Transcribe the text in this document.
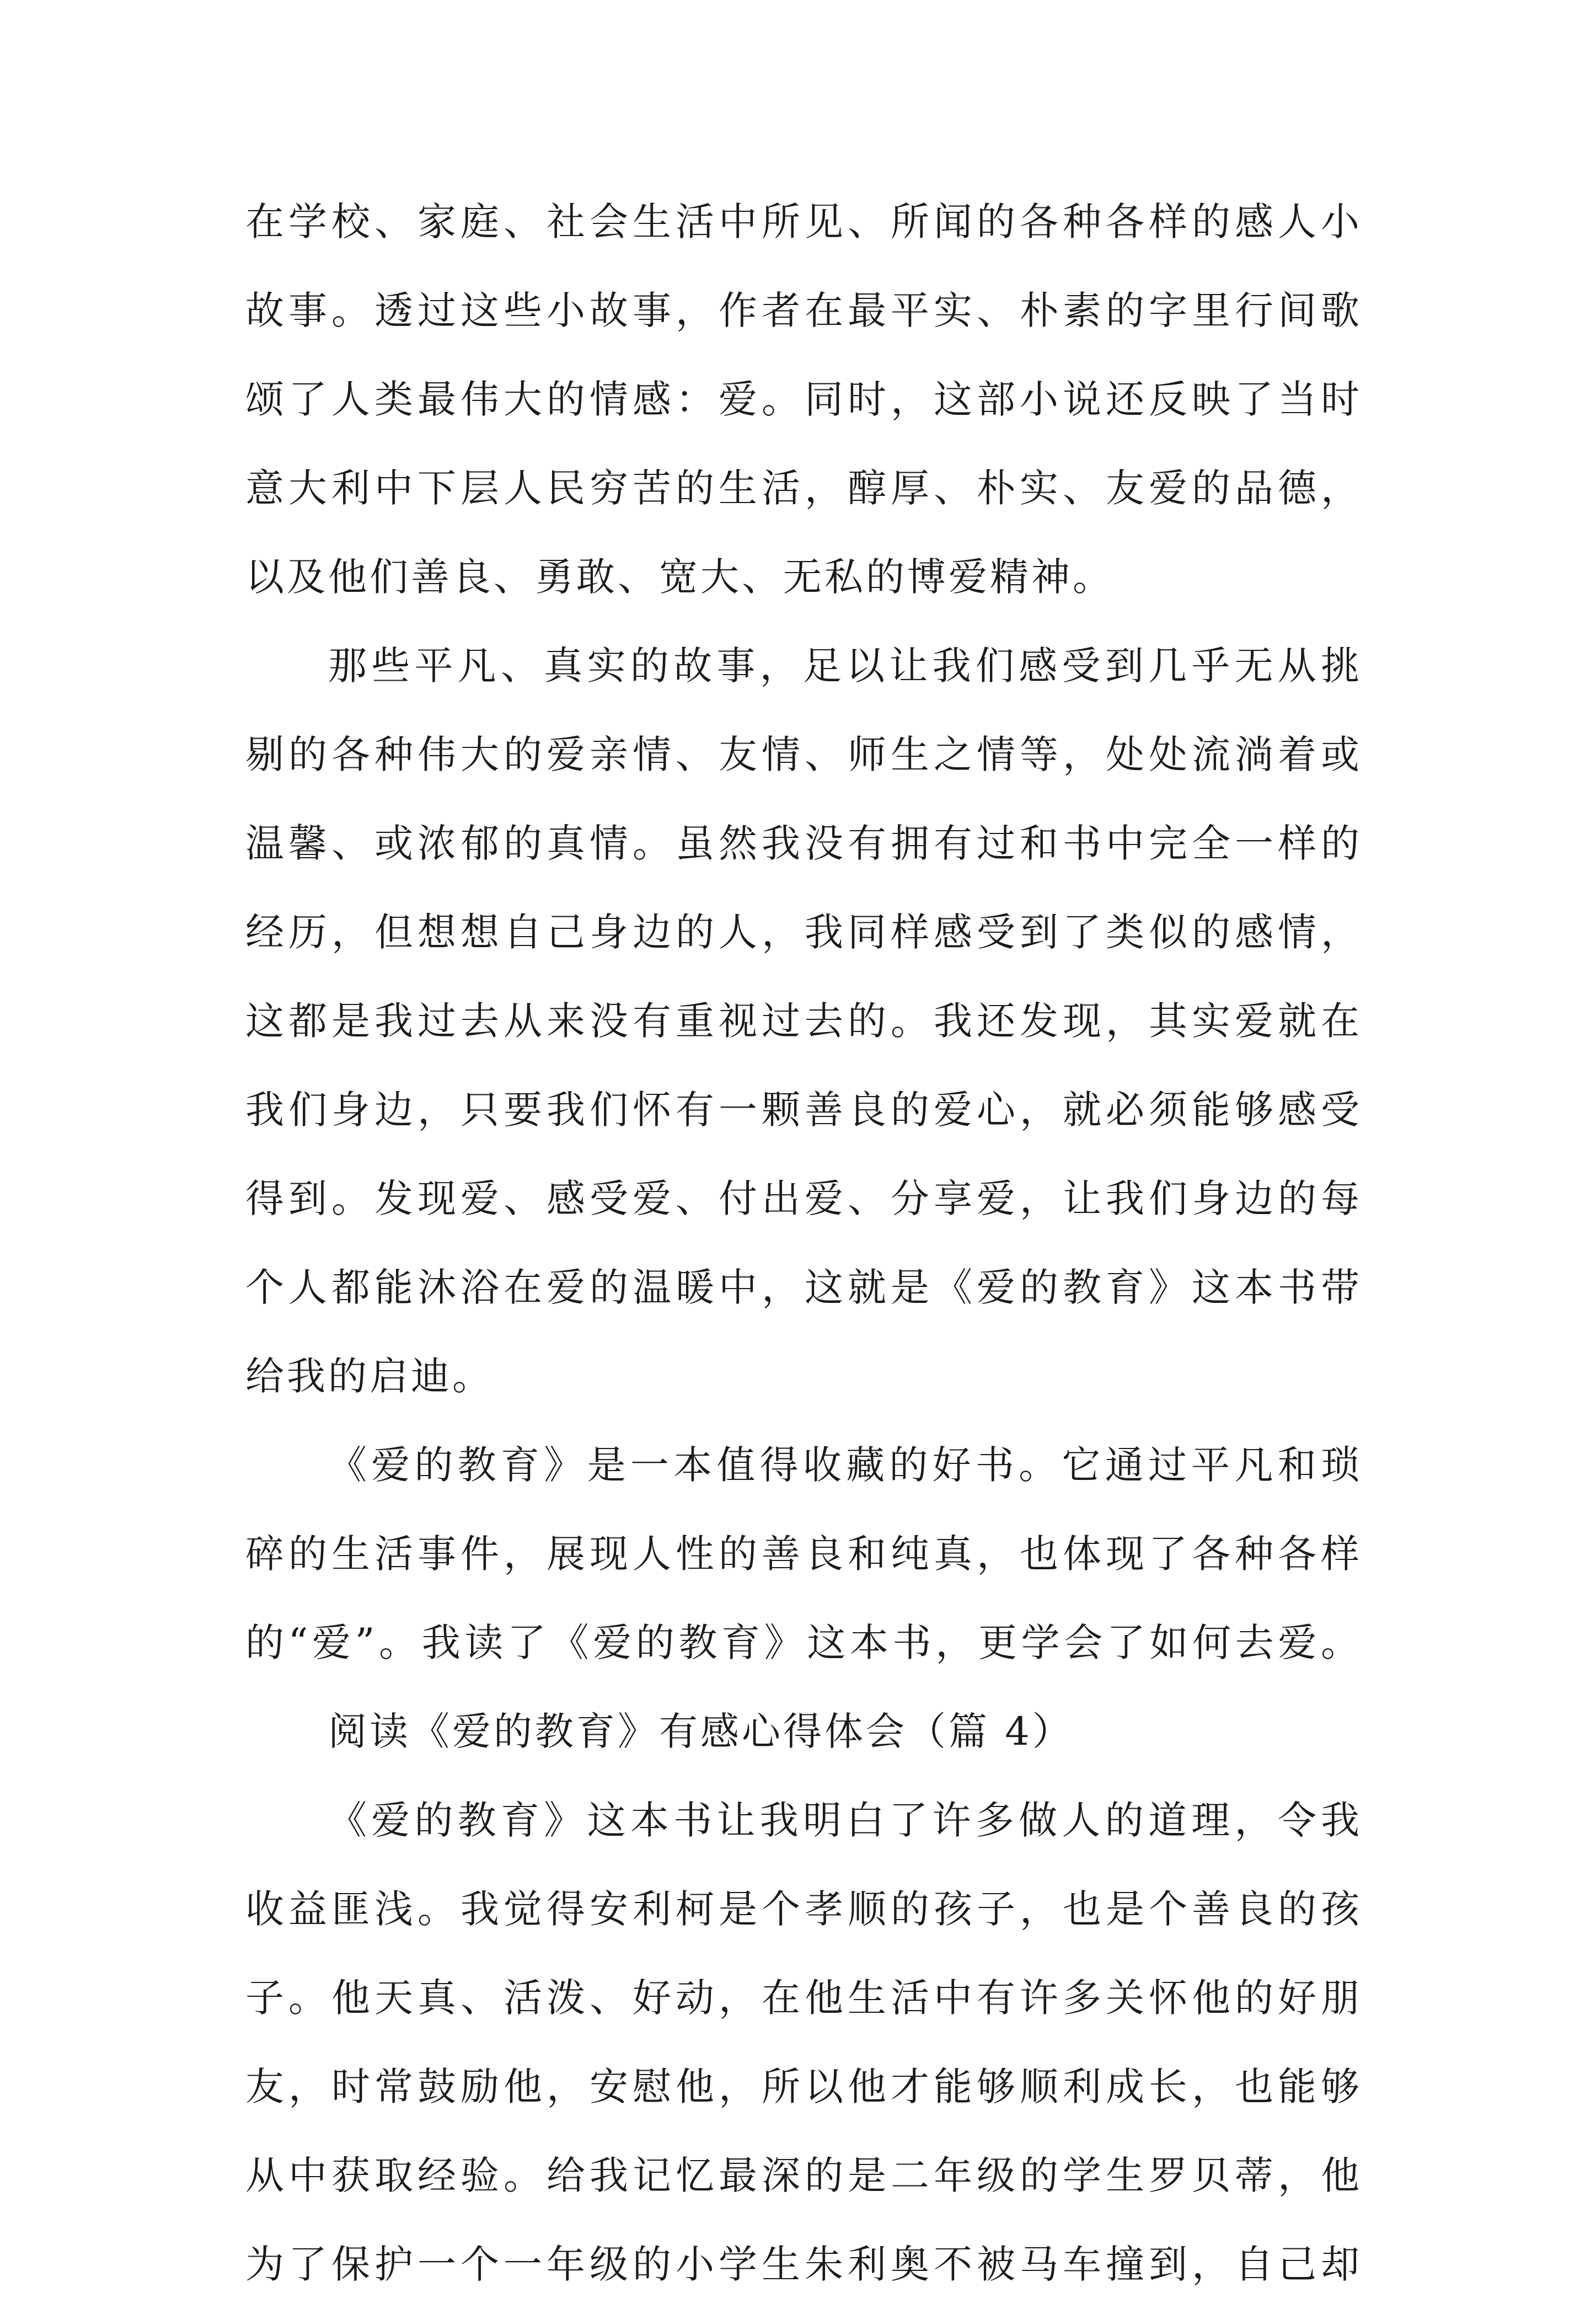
在学校、家庭、社会生活中所见、所闻的各种各样的感人小
故事。透过这些小故事，作者在最平实、朴素的字里行间歌
颂了人类最伟大的情感：爱。同时，这部小说还反映了当时
意大利中下层人民穷苦的生活，醇厚、朴实、友爱的品德，
以及他们善良、勇敢、宽大、无私的博爱精神。
那些平凡、真实的故事，足以让我们感受到几乎无从挑
剔的各种伟大的爱亲情、友情、师生之情等，处处流淌着或
温馨、或浓郁的真情。虽然我没有拥有过和书中完全一样的
经历，但想想自己身边的人，我同样感受到了类似的感情，
这都是我过去从来没有重视过去的。我还发现，其实爱就在
我们身边，只要我们怀有一颗善良的爱心，就必须能够感受
得到。发现爱、感受爱、付出爱、分享爱，让我们身边的每
个人都能沐浴在爱的温暖中，这就是《爱的教育》这本书带
给我的启迪。
《爱的教育》是一本值得收藏的好书。它通过平凡和琐
碎的生活事件，展现人性的善良和纯真，也体现了各种各样
的“爱”。我读了《爱的教育》这本书，更学会了如何去爱。
阅读《爱的教育》有感心得体会（篇 4）
《爱的教育》这本书让我明白了许多做人的道理，令我
收益匪浅。我觉得安利柯是个孝顺的孩子，也是个善良的孩
子。他天真、活泼、好动，在他生活中有许多关怀他的好朋
友，时常鼓励他，安慰他，所以他才能够顺利成长，也能够
从中获取经验。给我记忆最深的是二年级的学生罗贝蒂，他
为了保护一个一年级的小学生朱利奥不被马车撞到，自己却
